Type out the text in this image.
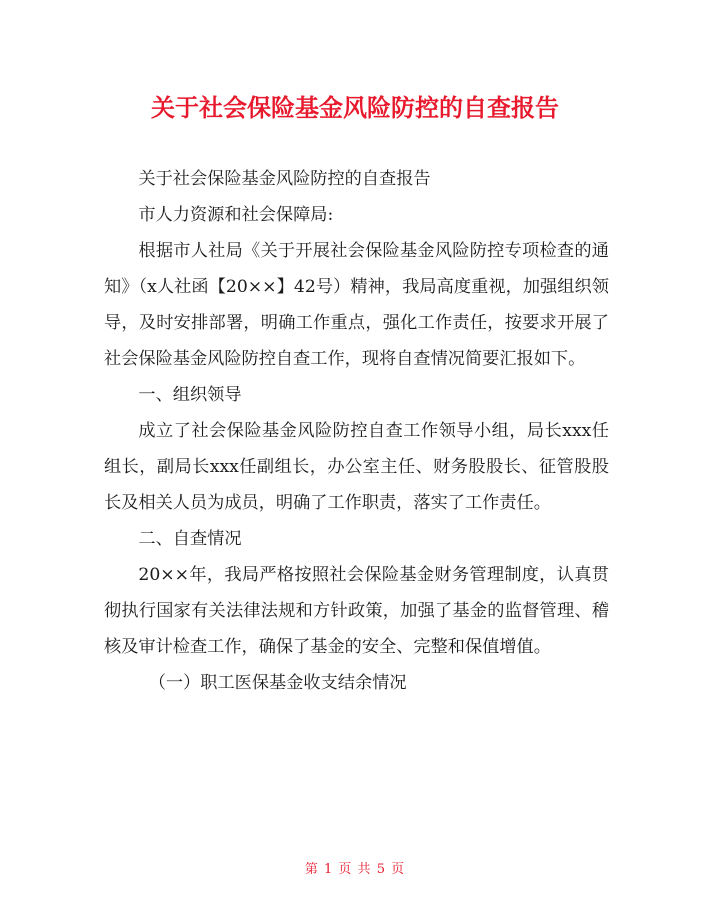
关于社会保险基金风险防控的自查报告

关于社会保险基金风险防控的自查报告

市人力资源和社会保障局:

根据市人社局《关于开展社会保险基金风险防控专项检查的通知》（x人社函【20××】42号）精神，我局高度重视，加强组织领导，及时安排部署，明确工作重点，强化工作责任，按要求开展了社会保险基金风险防控自查工作，现将自查情况简要汇报如下。

一、组织领导

成立了社会保险基金风险防控自查工作领导小组，局长xxx任组长，副局长xxx任副组长，办公室主任、财务股股长、征管股股长及相关人员为成员，明确了工作职责，落实了工作责任。

二、自查情况

20××年，我局严格按照社会保险基金财务管理制度，认真贯彻执行国家有关法律法规和方针政策，加强了基金的监督管理、稽核及审计检查工作，确保了基金的安全、完整和保值增值。

（一）职工医保基金收支结余情况

第 1 页 共 5 页
